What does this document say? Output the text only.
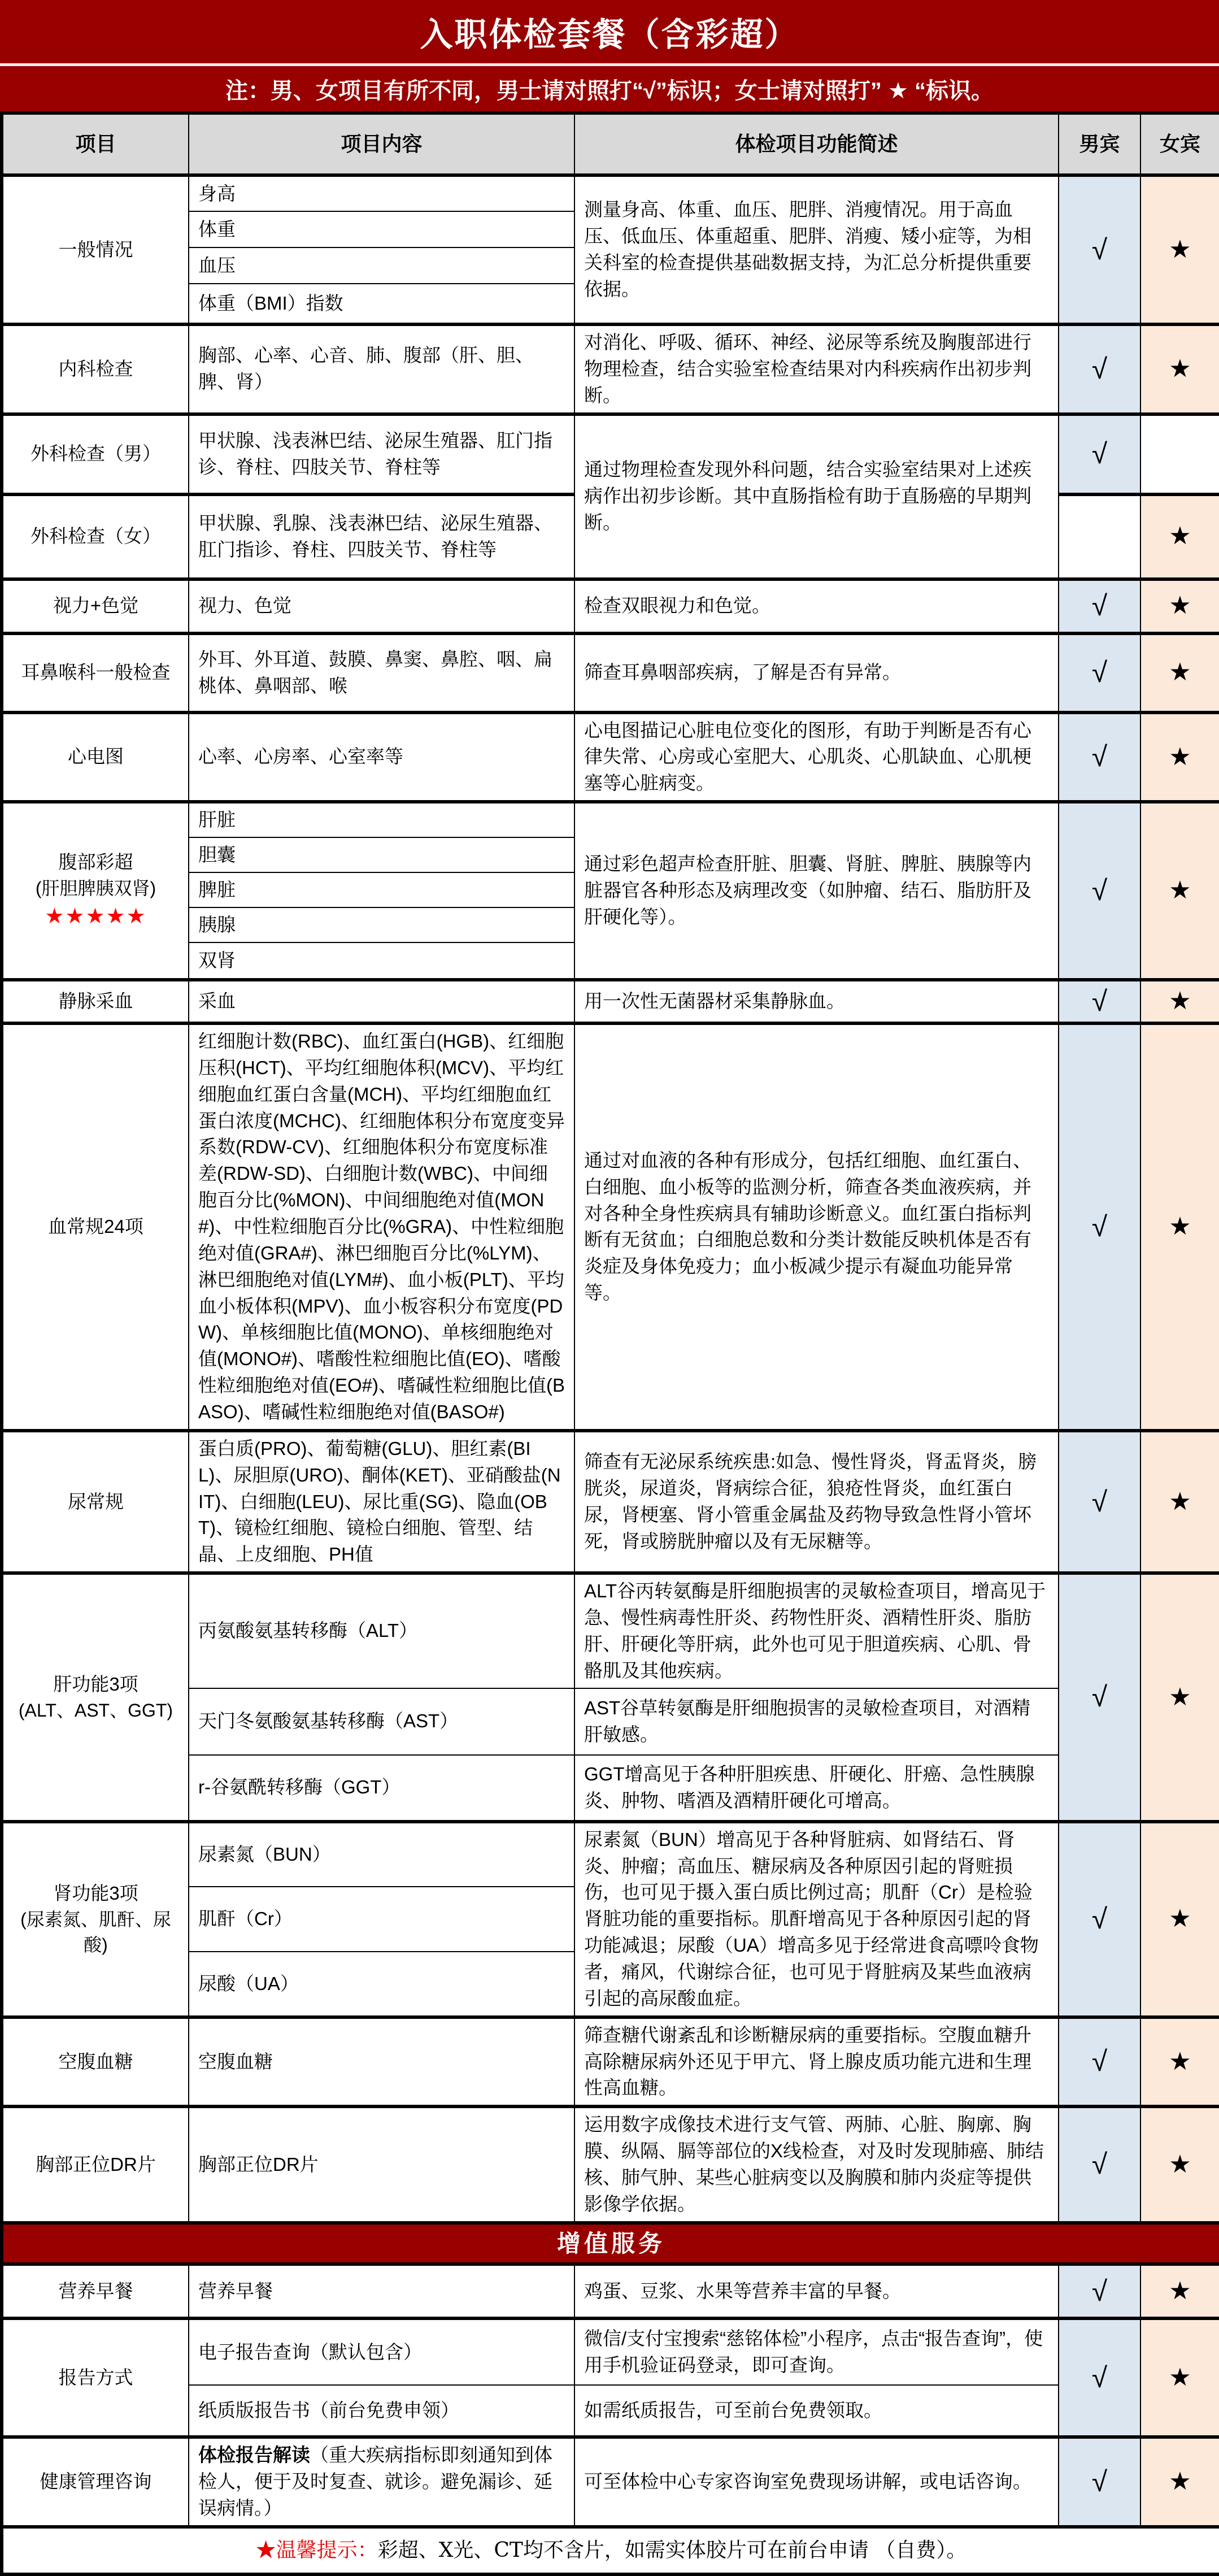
入职体检套餐（含彩超）
注：男、女项目有所不同，男士请对照打“√”标识；女士请对照打” ★ “标识。
项目	项目内容	体检项目功能简述	男宾	女宾
一般情况	身高	测量身高、体重、血压、肥胖、消瘦情况。用于高血压、低血压、体重超重、肥胖、消瘦、矮小症等，为相关科室的检查提供基础数据支持，为汇总分析提供重要依据。	√	★
	体重			
	血压			
	体重（BMI）指数			
内科检查	胸部、心率、心音、肺、腹部（肝、胆、脾、肾）	对消化、呼吸、循环、神经、泌尿等系统及胸腹部进行物理检查，结合实验室检查结果对内科疾病作出初步判断。	√	★
外科检查（男）	甲状腺、浅表淋巴结、泌尿生殖器、肛门指诊、脊柱、四肢关节、脊柱等	通过物理检查发现外科问题，结合实验室结果对上述疾病作出初步诊断。其中直肠指检有助于直肠癌的早期判断。	√	
外科检查（女）	甲状腺、乳腺、浅表淋巴结、泌尿生殖器、肛门指诊、脊柱、四肢关节、脊柱等			★
视力+色觉	视力、色觉	检查双眼视力和色觉。	√	★
耳鼻喉科一般检查	外耳、外耳道、鼓膜、鼻窦、鼻腔、咽、扁桃体、鼻咽部、喉	筛查耳鼻咽部疾病，了解是否有异常。	√	★
心电图	心率、心房率、心室率等	心电图描记心脏电位变化的图形，有助于判断是否有心律失常、心房或心室肥大、心肌炎、心肌缺血、心肌梗塞等心脏病变。	√	★

腹部彩超
(肝胆脾胰双肾)
★★★★★	肝脏	通过彩色超声检查肝脏、胆囊、肾脏、脾脏、胰腺等内脏器官各种形态及病理改变（如肿瘤、结石、脂肪肝及肝硬化等）。	√	★
	胆囊			
	脾脏			
	胰腺			
	双肾			
静脉采血	采血	用一次性无菌器材采集静脉血。	√	★
血常规24项	红细胞计数(RBC)、血红蛋白(HGB)、红细胞压积(HCT)、平均红细胞体积(MCV)、平均红细胞血红蛋白含量(MCH)、平均红细胞血红蛋白浓度(MCHC)、红细胞体积分布宽度变异系数(RDW-CV)、红细胞体积分布宽度标准差(RDW-SD)、白细胞计数(WBC)、中间细胞百分比(%MON)、中间细胞绝对值(MON#)、中性粒细胞百分比(%GRA)、中性粒细胞绝对值(GRA#)、淋巴细胞百分比(%LYM)、淋巴细胞绝对值(LYM#)、血小板(PLT)、平均血小板体积(MPV)、血小板容积分布宽度(PDW)、单核细胞比值(MONO)、单核细胞绝对值(MONO#)、嗜酸性粒细胞比值(EO)、嗜酸性粒细胞绝对值(EO#)、嗜碱性粒细胞比值(BASO)、嗜碱性粒细胞绝对值(BASO#)	通过对血液的各种有形成分，包括红细胞、血红蛋白、白细胞、血小板等的监测分析，筛查各类血液疾病，并对各种全身性疾病具有辅助诊断意义。血红蛋白指标判断有无贫血；白细胞总数和分类计数能反映机体是否有炎症及身体免疫力；血小板减少提示有凝血功能异常等。	√	★
尿常规	蛋白质(PRO)、葡萄糖(GLU)、胆红素(BIL)、尿胆原(URO)、酮体(KET)、亚硝酸盐(NIT)、白细胞(LEU)、尿比重(SG)、隐血(OBT)、镜检红细胞、镜检白细胞、管型、结晶、上皮细胞、PH值	筛查有无泌尿系统疾患:如急、慢性肾炎，肾盂肾炎，膀胱炎，尿道炎，肾病综合征，狼疮性肾炎，血红蛋白尿，肾梗塞、肾小管重金属盐及药物导致急性肾小管坏死，肾或膀胱肿瘤以及有无尿糖等。	√	★

肝功能3项
(ALT、AST、GGT)	丙氨酸氨基转移酶（ALT）	ALT谷丙转氨酶是肝细胞损害的灵敏检查项目，增高见于急、慢性病毒性肝炎、药物性肝炎、酒精性肝炎、脂肪肝、肝硬化等肝病，此外也可见于胆道疾病、心肌、骨骼肌及其他疾病。	√	★
	天门冬氨酸氨基转移酶（AST）	AST谷草转氨酶是肝细胞损害的灵敏检查项目，对酒精肝敏感。		
	r-谷氨酰转移酶（GGT）	GGT增高见于各种肝胆疾患、肝硬化、肝癌、急性胰腺炎、肿物、嗜酒及酒精肝硬化可增高。		

肾功能3项
(尿素氮、肌酐、尿酸)	尿素氮（BUN）	尿素氮（BUN）增高见于各种肾脏病、如肾结石、肾炎、肿瘤；高血压、糖尿病及各种原因引起的肾赃损伤，也可见于摄入蛋白质比例过高；肌酐（Cr）是检验肾脏功能的重要指标。肌酐增高见于各种原因引起的肾功能减退；尿酸（UA）增高多见于经常进食高嘌呤食物者，痛风，代谢综合征，也可见于肾脏病及某些血液病引起的高尿酸血症。	√	★
	肌酐（Cr）			
	尿酸（UA）			
空腹血糖	空腹血糖	筛查糖代谢紊乱和诊断糖尿病的重要指标。空腹血糖升高除糖尿病外还见于甲亢、肾上腺皮质功能亢进和生理性高血糖。	√	★
胸部正位DR片	胸部正位DR片	运用数字成像技术进行支气管、两肺、心脏、胸廓、胸膜、纵隔、膈等部位的X线检查，对及时发现肺癌、肺结核、肺气肿、某些心脏病变以及胸膜和肺内炎症等提供影像学依据。	√	★
增值服务				
营养早餐	营养早餐	鸡蛋、豆浆、水果等营养丰富的早餐。	√	★
报告方式	电子报告查询（默认包含）	微信/支付宝搜索“慈铭体检”小程序，点击“报告查询”，使用手机验证码登录，即可查询。	√	★
	纸质版报告书（前台免费申领）	如需纸质报告，可至前台免费领取。		
健康管理咨询	体检报告解读（重大疾病指标即刻通知到体检人，便于及时复查、就诊。避免漏诊、延误病情。）	可至体检中心专家咨询室免费现场讲解，或电话咨询。	√	★
★温馨提示：彩超、X光、CT均不含片，如需实体胶片可在前台申请 （自费）。				
